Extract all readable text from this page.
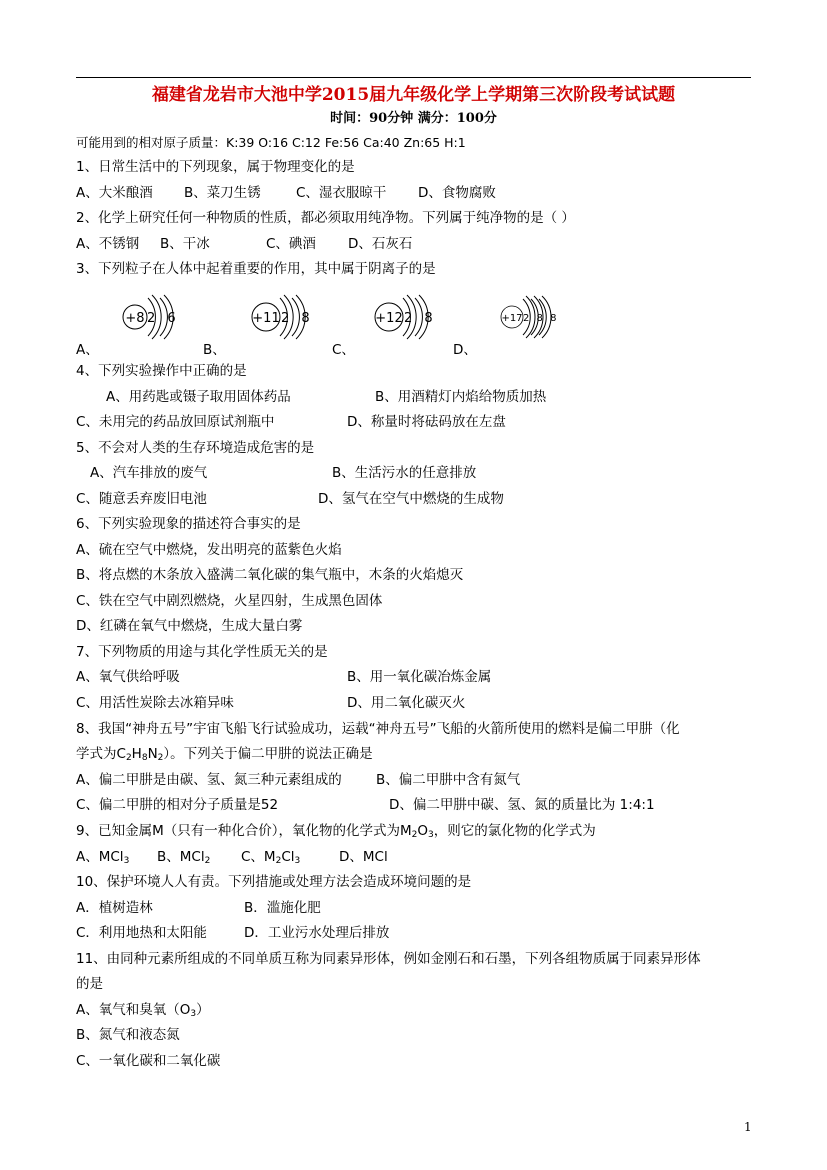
福建省龙岩市大池中学2015届九年级化学上学期第三次阶段考试试题
时间：90分钟 满分：100分
可能用到的相对原子质量：K:39 O:16 C:12 Fe:56 Ca:40 Zn:65 H:1
1、日常生活中的下列现象，属于物理变化的是
A、大米酿酒 B、菜刀生锈	C、湿衣服晾干 D、食物腐败
2、化学上研究任何一种物质的性质，都必须取用纯净物。下列属于纯净物的是（ ）
A、不锈钢 B、干冰	C、碘酒 D、石灰石
3、下列粒子在人体中起着重要的作用，其中属于阴离子的是
+8 2 6	+11 2 8	+12 2 8	+17 2 8 8
A、	B、	C、	D、
4、下列实验操作中正确的是
A、用药匙或镊子取用固体药品	B、用酒精灯内焰给物质加热
C、未用完的药品放回原试剂瓶中	D、称量时将砝码放在左盘
5、不会对人类的生存环境造成危害的是
A、汽车排放的废气	B、生活污水的任意排放
C、随意丢弃废旧电池	D、氢气在空气中燃烧的生成物
6、下列实验现象的描述符合事实的是
A、硫在空气中燃烧，发出明亮的蓝紫色火焰
B、将点燃的木条放入盛满二氧化碳的集气瓶中，木条的火焰熄灭
C、铁在空气中剧烈燃烧，火星四射，生成黑色固体
D、红磷在氧气中燃烧，生成大量白雾
7、下列物质的用途与其化学性质无关的是
A、氧气供给呼吸	B、用一氧化碳冶炼金属
C、用活性炭除去冰箱异味	D、用二氧化碳灭火
8、我国“神舟五号”宇宙飞船飞行试验成功，运载“神舟五号”飞船的火箭所使用的燃料是偏二甲肼（化
学式为$C_2H_8N_2$）。下列关于偏二甲肼的说法正确是
A、偏二甲肼是由碳、氢、氮三种元素组成的	B、偏二甲肼中含有氮气
C、偏二甲肼的相对分子质量是52	D、偏二甲肼中碳、氢、氮的质量比为 1:4:1
9、已知金属M（只有一种化合价），氧化物的化学式为$M_2O_3$，则它的氯化物的化学式为
A、MCl$_3$ B、MCl$_2$ C、$M_2Cl_3$	D、MCl
10、保护环境人人有责。下列措施或处理方法会造成环境问题的是
A．植树造林	B．滥施化肥
C．利用地热和太阳能	D．工业污水处理后排放
11、由同种元素所组成的不同单质互称为同素异形体，例如金刚石和石墨，下列各组物质属于同素异形体
的是
A、氧气和臭氧$(O_3)$
B、氮气和液态氮
C、一氧化碳和二氧化碳
1
